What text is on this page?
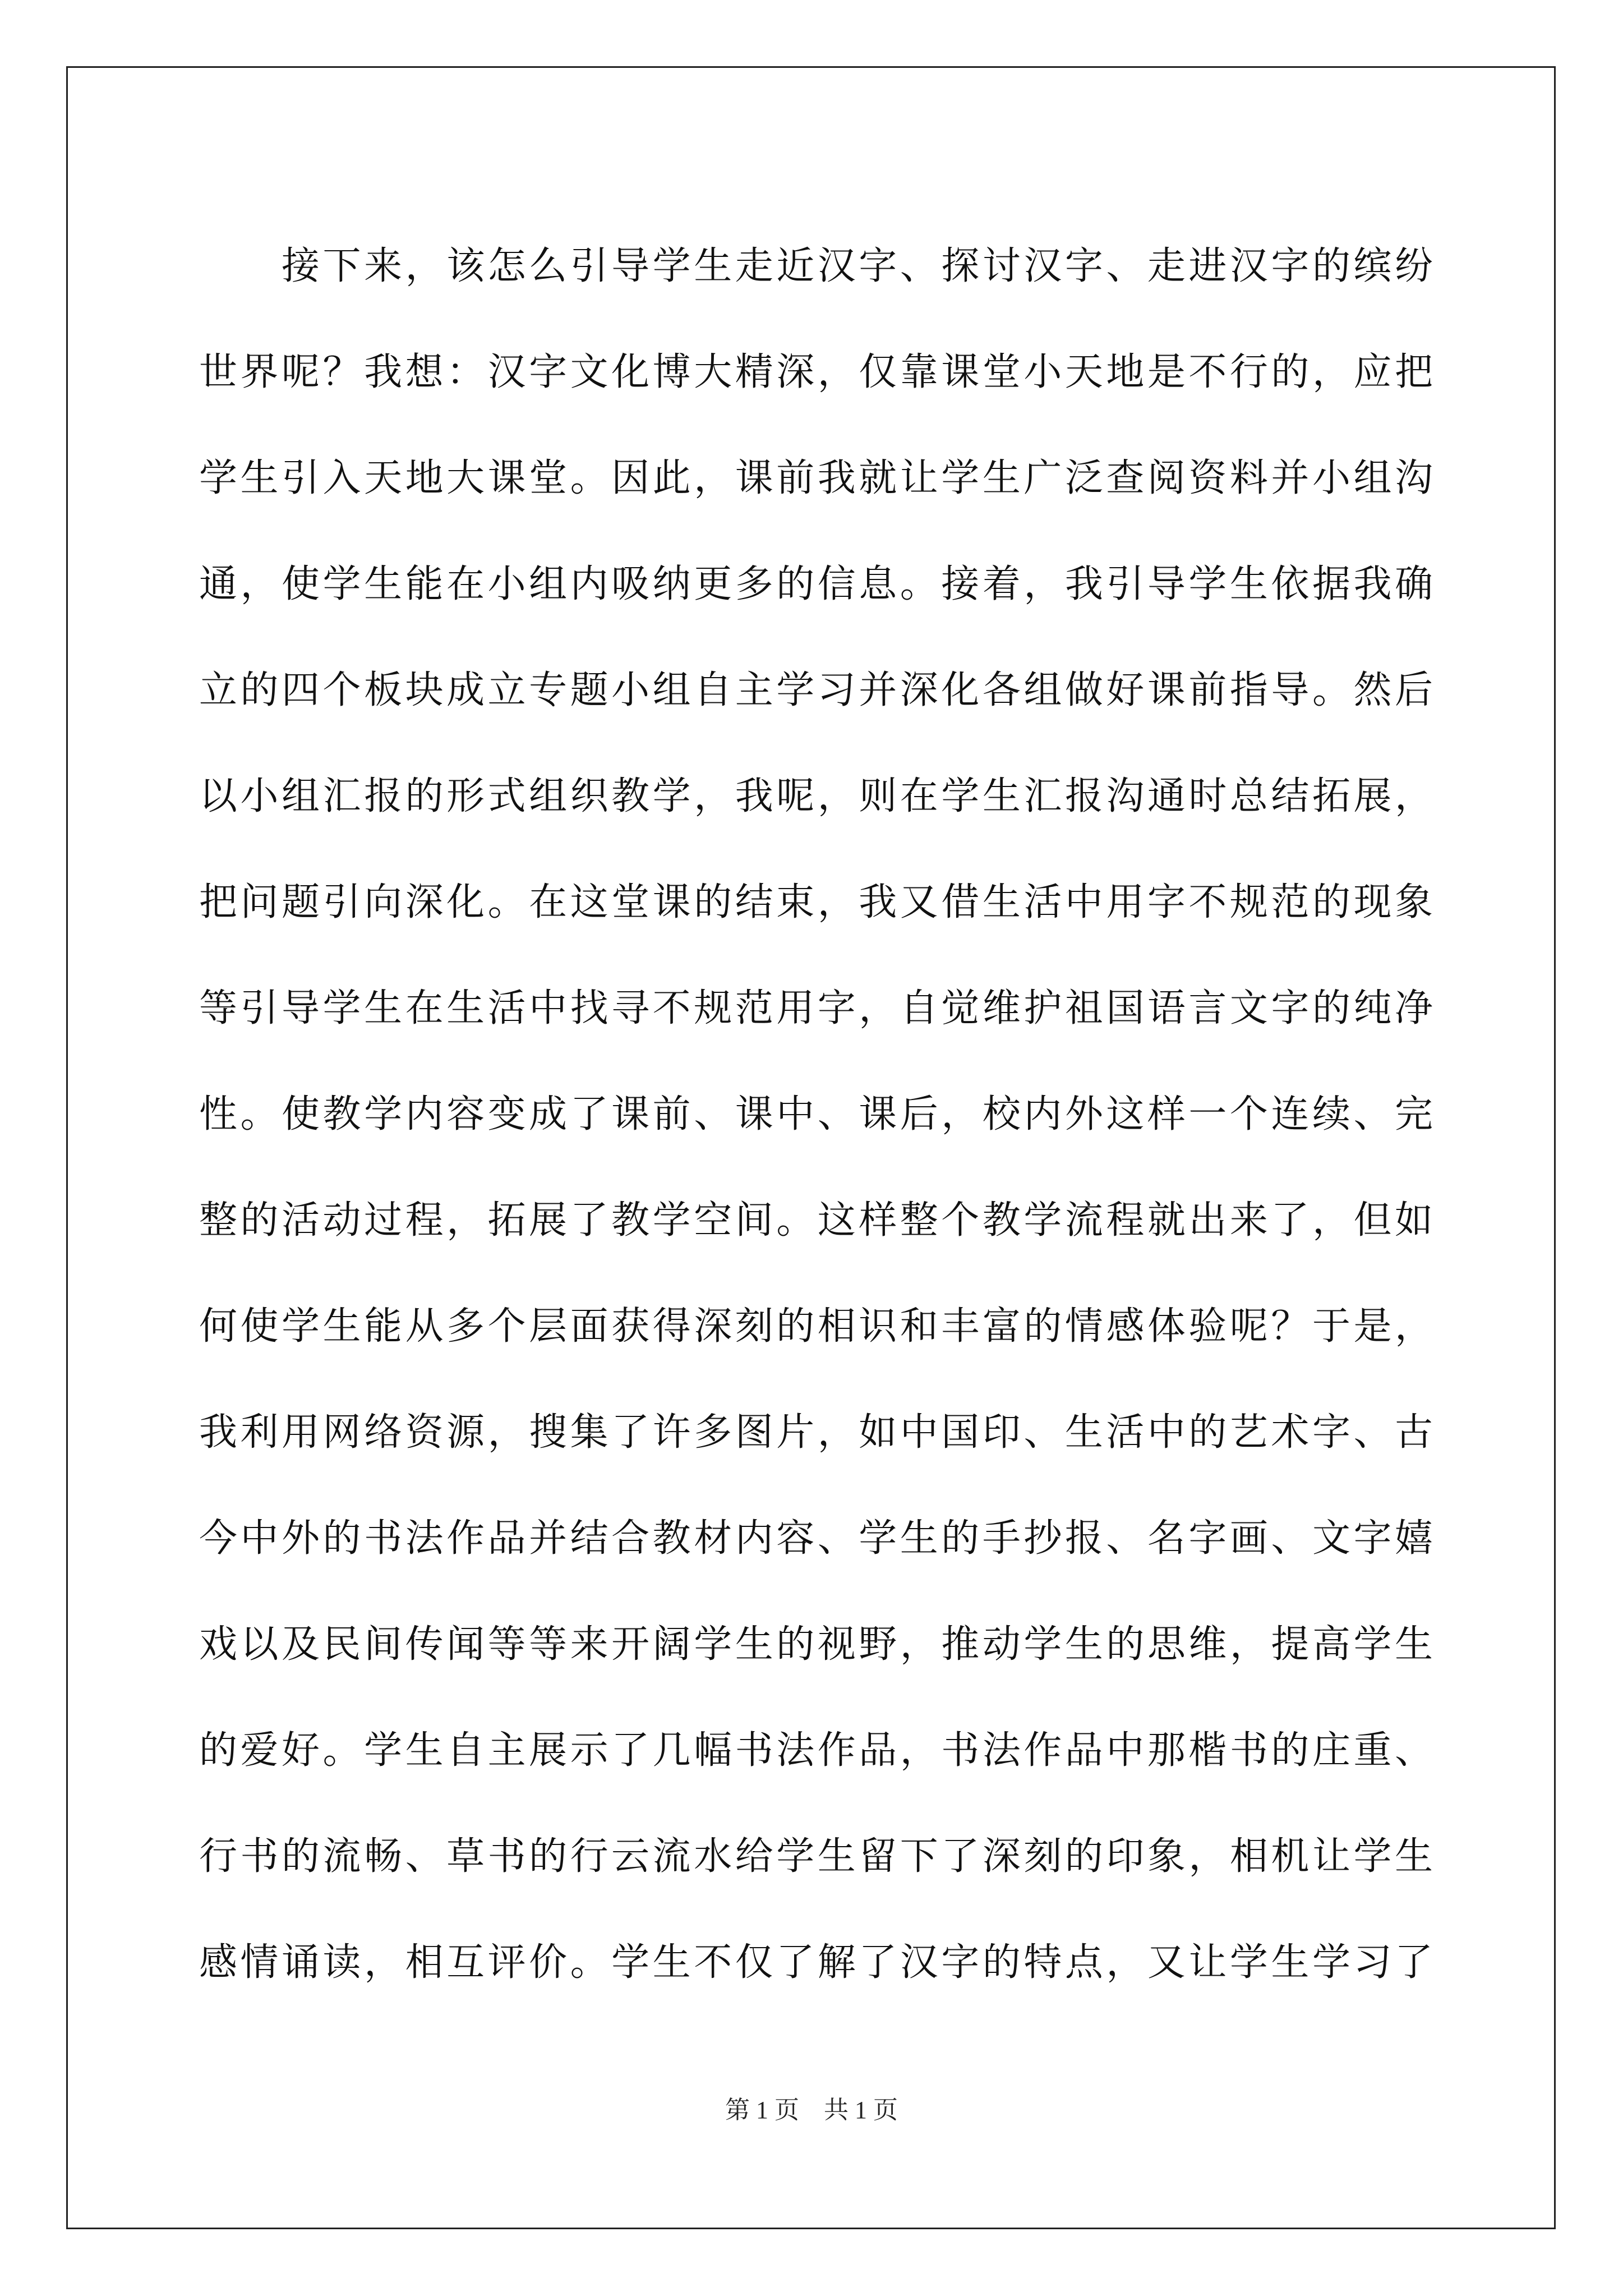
　　接下来，该怎么引导学生走近汉字、探讨汉字、走进汉字的缤纷
世界呢？我想：汉字文化博大精深，仅靠课堂小天地是不行的，应把
学生引入天地大课堂。因此，课前我就让学生广泛查阅资料并小组沟
通，使学生能在小组内吸纳更多的信息。接着，我引导学生依据我确
立的四个板块成立专题小组自主学习并深化各组做好课前指导。然后
以小组汇报的形式组织教学，我呢，则在学生汇报沟通时总结拓展，
把问题引向深化。在这堂课的结束，我又借生活中用字不规范的现象
等引导学生在生活中找寻不规范用字，自觉维护祖国语言文字的纯净
性。使教学内容变成了课前、课中、课后，校内外这样一个连续、完
整的活动过程，拓展了教学空间。这样整个教学流程就出来了，但如
何使学生能从多个层面获得深刻的相识和丰富的情感体验呢？于是，
我利用网络资源，搜集了许多图片，如中国印、生活中的艺术字、古
今中外的书法作品并结合教材内容、学生的手抄报、名字画、文字嬉
戏以及民间传闻等等来开阔学生的视野，推动学生的思维，提高学生
的爱好。学生自主展示了几幅书法作品，书法作品中那楷书的庄重、
行书的流畅、草书的行云流水给学生留下了深刻的印象，相机让学生
感情诵读，相互评价。学生不仅了解了汉字的特点，又让学生学习了
第 1 页　共 1 页
